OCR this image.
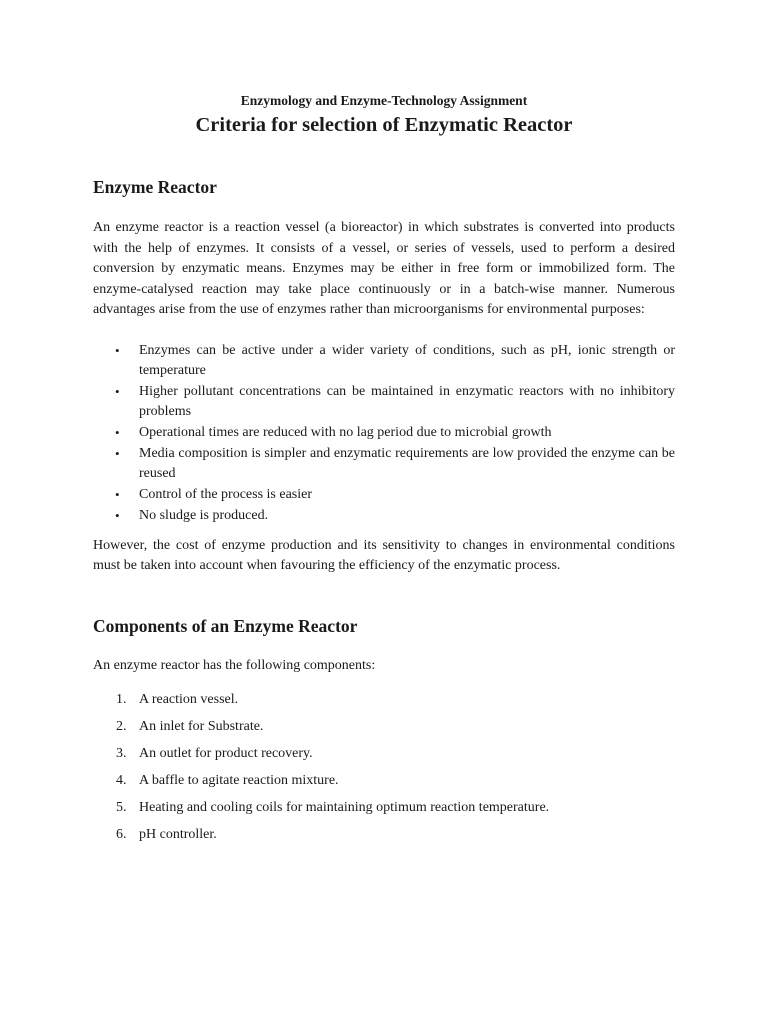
Enzymology and Enzyme-Technology Assignment

Criteria for selection of Enzymatic Reactor
Enzyme Reactor

An enzyme reactor is a reaction vessel (a bioreactor) in which substrates is converted into products with the help of enzymes. It consists of a vessel, or series of vessels, used to perform a desired conversion by enzymatic means. Enzymes may be either in free form or immobilized form. The enzyme-catalysed reaction may take place continuously or in a batch-wise manner. Numerous advantages arise from the use of enzymes rather than microorganisms for environmental purposes:

• Enzymes can be active under a wider variety of conditions, such as pH, ionic strength or temperature
• Higher pollutant concentrations can be maintained in enzymatic reactors with no inhibitory problems
• Operational times are reduced with no lag period due to microbial growth
• Media composition is simpler and enzymatic requirements are low provided the enzyme can be reused
• Control of the process is easier
• No sludge is produced.

However, the cost of enzyme production and its sensitivity to changes in environmental conditions must be taken into account when favouring the efficiency of the enzymatic process.

Components of an Enzyme Reactor

An enzyme reactor has the following components:

1. A reaction vessel.
2. An inlet for Substrate.
3. An outlet for product recovery.
4. A baffle to agitate reaction mixture.
5. Heating and cooling coils for maintaining optimum reaction temperature.
6. pH controller.
